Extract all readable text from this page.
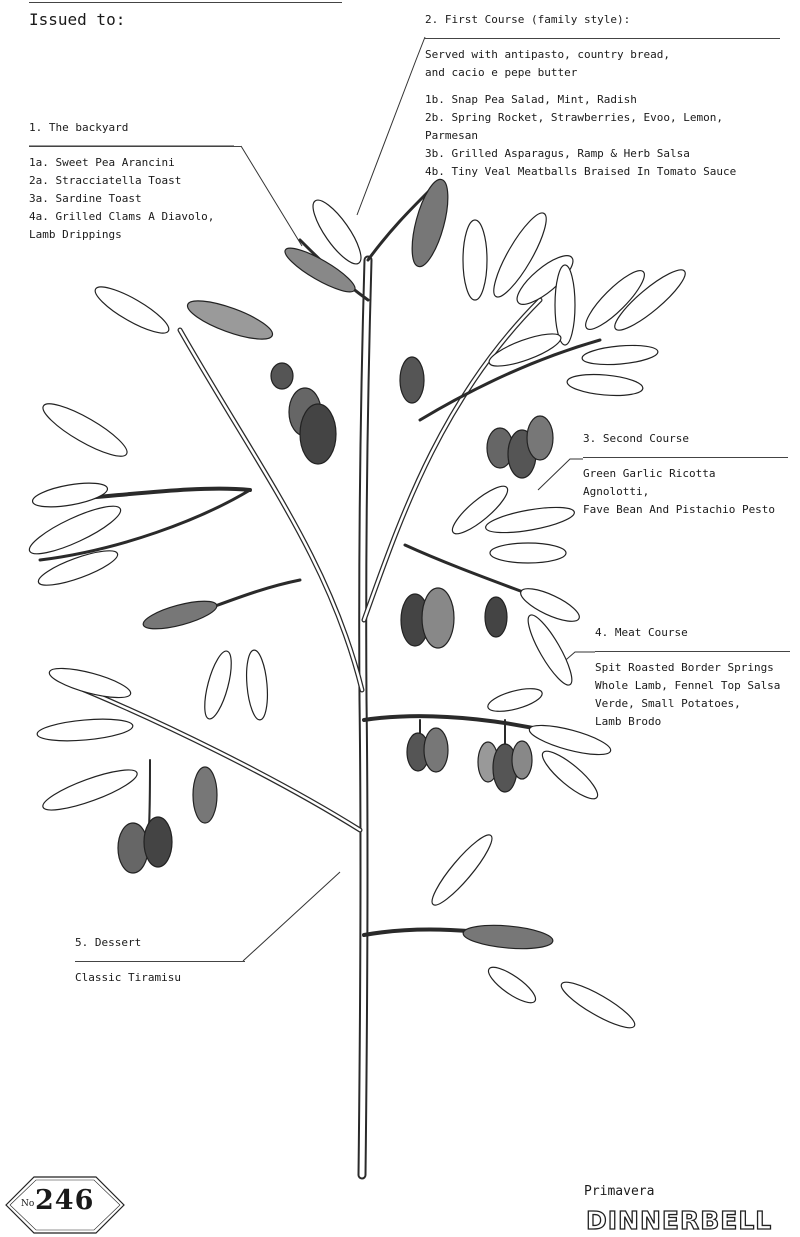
Issued to:
1. The backyard
1a. Sweet Pea Arancini
2a. Stracciatella Toast
3a. Sardine Toast
4a. Grilled Clams A Diavolo,
Lamb Drippings
2. First Course (family style):
Served with antipasto, country bread,
and cacio e pepe butter
1b. Snap Pea Salad, Mint, Radish
2b. Spring Rocket, Strawberries, Evoo, Lemon, Parmesan
3b. Grilled Asparagus, Ramp & Herb Salsa
4b. Tiny Veal Meatballs Braised In Tomato Sauce
3. Second Course
Green Garlic Ricotta Agnolotti,
Fave Bean And Pistachio Pesto
4. Meat Course
Spit Roasted Border Springs
Whole Lamb, Fennel Top Salsa
Verde, Small Potatoes,
Lamb Brodo
5. Dessert
Classic Tiramisu
No 246	Primavera
DINNERBELL
